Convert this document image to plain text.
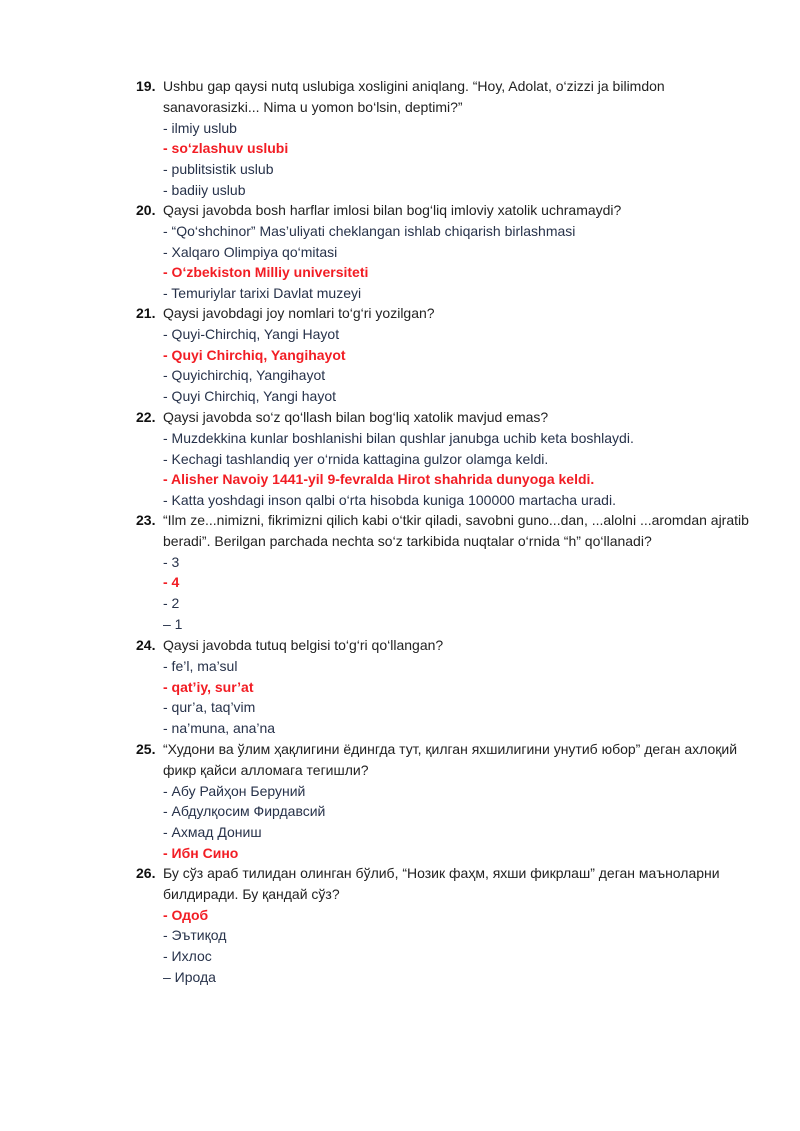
19. Ushbu gap qaysi nutq uslubiga xosligini aniqlang. “Hoy, Adolat, o‘zizzi ja bilimdon sanavorasizki... Nima u yomon bo‘lsin, deptimi?”

- ilmiy uslub

- so‘zlashuv uslubi

- publitsistik uslub

- badiiy uslub

20. Qaysi javobda bosh harflar imlosi bilan bog‘liq imloviy xatolik uchramaydi?

- “Qo‘shchinor” Mas’uliyati cheklangan ishlab chiqarish birlashmasi

- Xalqaro Olimpiya qo‘mitasi

- O‘zbekiston Milliy universiteti

- Temuriylar tarixi Davlat muzeyi

21. Qaysi javobdagi joy nomlari to‘g‘ri yozilgan?

- Quyi-Chirchiq, Yangi Hayot

- Quyi Chirchiq, Yangihayot

- Quyichirchiq, Yangihayot

- Quyi Chirchiq, Yangi hayot

22. Qaysi javobda so‘z qo‘llash bilan bog‘liq xatolik mavjud emas?

- Muzdekkina kunlar boshlanishi bilan qushlar janubga uchib keta boshlaydi.

- Kechagi tashlandiq yer o‘rnida kattagina gulzor olamga keldi.

- Alisher Navoiy 1441-yil 9-fevralda Hirot shahrida dunyoga keldi.

- Katta yoshdagi inson qalbi o‘rta hisobda kuniga 100000 martacha uradi.

23. “Ilm ze...nimizni, fikrimizni qilich kabi o‘tkir qiladi, savobni guno...dan, ...alolni ...aromdan ajratib beradi”. Berilgan parchada nechta so‘z tarkibida nuqtalar o‘rnida “h” qo‘llanadi?

- 3

- 4

- 2

– 1

24. Qaysi javobda tutuq belgisi to‘g‘ri qo‘llangan?

- fe’l, ma’sul

- qat’iy, sur’at

- qur’a, taq’vim

- na’muna, ana’na

25. “Худони ва ўлим ҳақлигини ёдингда тут, қилган яхшилигини унутиб юбор” деган ахлоқий фикр қайси алломага тегишли?

- Абу Райҳон Беруний

- Абдулқосим Фирдавсий

- Ахмад Дониш

- Ибн Сино

26. Бу сўз араб тилидан олинган бўлиб, “Нозик фаҳм, яхши фикрлаш” деган маъноларни билдиради. Бу қандай сўз?

- Одоб

- Эътиқод

- Ихлос

– Ирода
